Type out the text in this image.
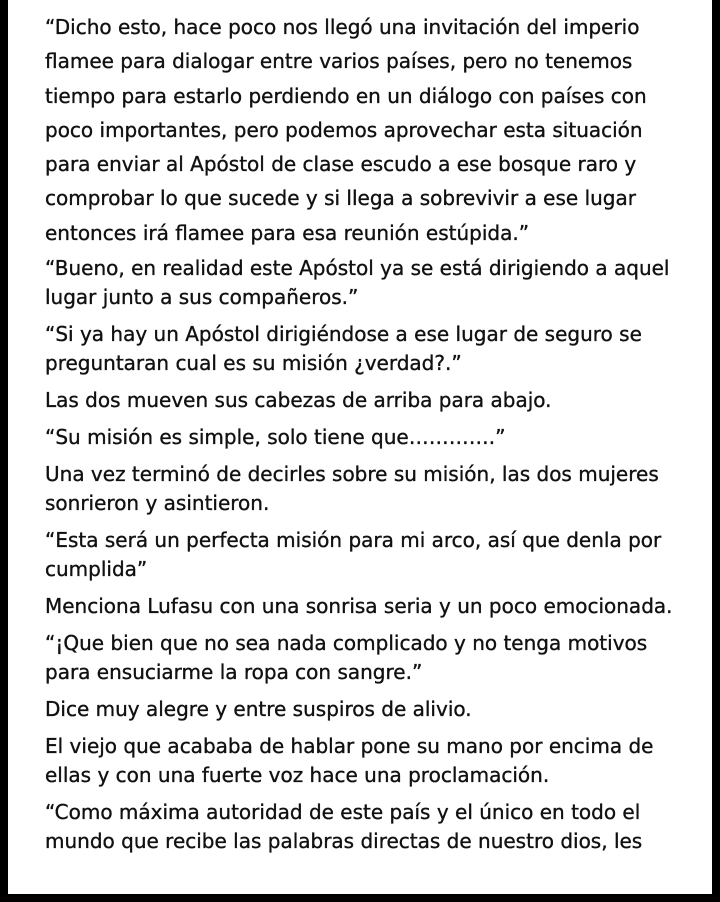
“Dicho esto, hace poco nos llegó una invitación del imperio flamee para dialogar entre varios países, pero no tenemos tiempo para estarlo perdiendo en un diálogo con países con poco importantes, pero podemos aprovechar esta situación para enviar al Apóstol de clase escudo a ese bosque raro y comprobar lo que sucede y si llega a sobrevivir a ese lugar entonces irá flamee para esa reunión estúpida.”

“Bueno, en realidad este Apóstol ya se está dirigiendo a aquel lugar junto a sus compañeros.”

“Si ya hay un Apóstol dirigiéndose a ese lugar de seguro se preguntaran cual es su misión ¿verdad?.”

Las dos mueven sus cabezas de arriba para abajo.

“Su misión es simple, solo tiene que………….”

Una vez terminó de decirles sobre su misión, las dos mujeres sonrieron y asintieron.

“Esta será un perfecta misión para mi arco, así que denla por cumplida”

Menciona Lufasu con una sonrisa seria y un poco emocionada.

“¡Que bien que no sea nada complicado y no tenga motivos para ensuciarme la ropa con sangre.”

Dice muy alegre y entre suspiros de alivio.

El viejo que acababa de hablar pone su mano por encima de ellas y con una fuerte voz hace una proclamación.

“Como máxima autoridad de este país y el único en todo el mundo que recibe las palabras directas de nuestro dios, les
